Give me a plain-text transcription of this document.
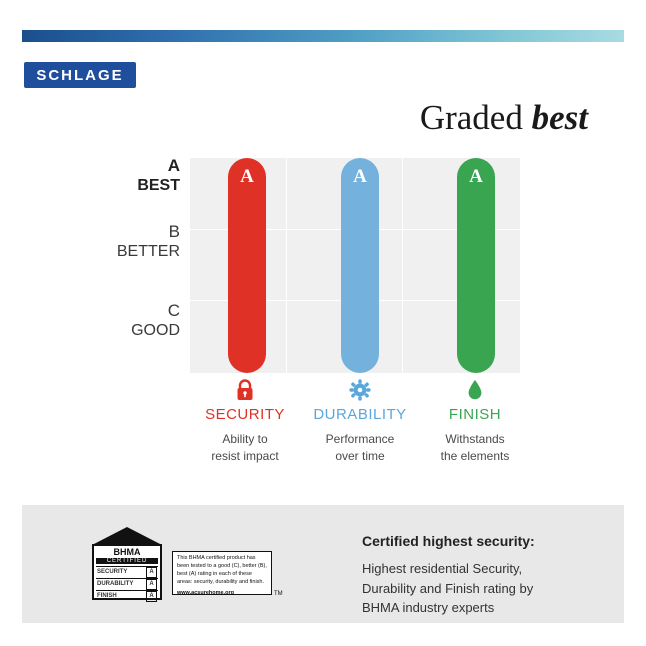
SCHLAGE
Graded best
A
BEST
B
BETTER
C
GOOD
A	A	A
SECURITY
Ability to
resist impact
DURABILITY
Performance
over time
FINISH
Withstands
the elements
BHMA
CERTIFIED
SECURITY	A
DURABILITY	A
FINISH	A
This BHMA certified product has been tested to a good (C), better (B), best (A) rating in each of these areas: security, durability and finish.
www.acsurehome.org	TM
Certified highest security:
Highest residential Security,
Durability and Finish rating by
BHMA industry experts
